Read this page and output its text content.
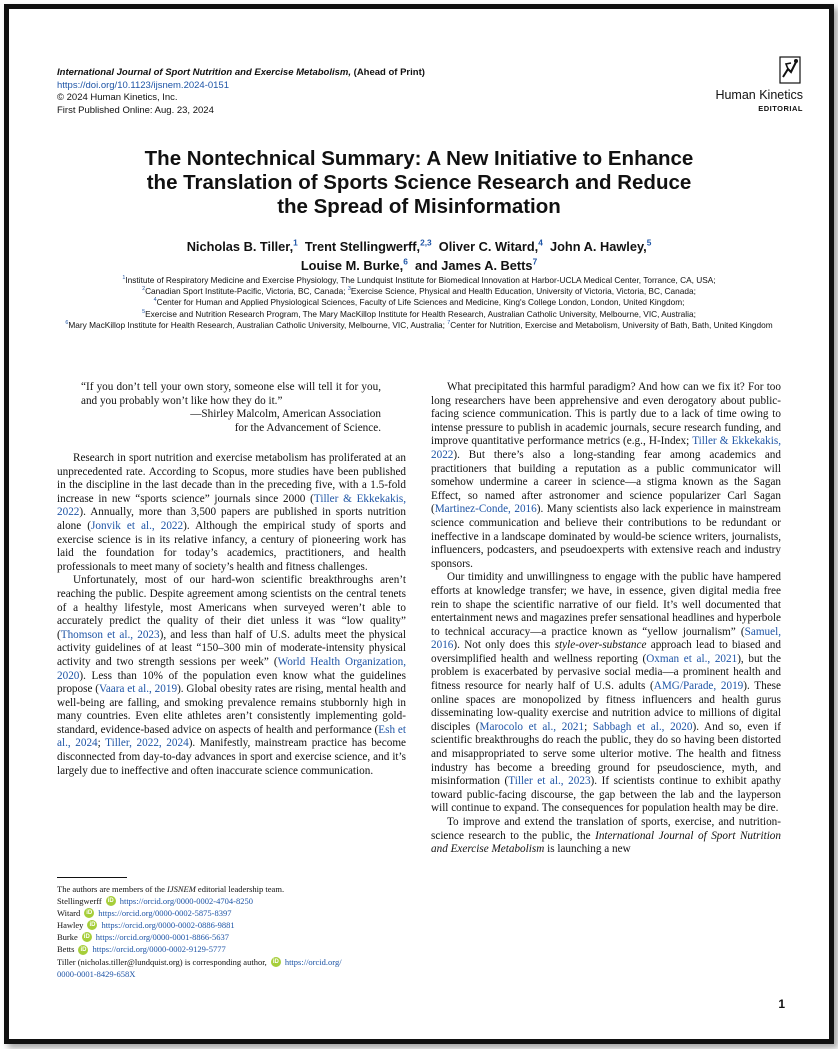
International Journal of Sport Nutrition and Exercise Metabolism, (Ahead of Print)
https://doi.org/10.1123/ijsnem.2024-0151
© 2024 Human Kinetics, Inc.
First Published Online: Aug. 23, 2024
Human Kinetics
EDITORIAL
The Nontechnical Summary: A New Initiative to Enhance
the Translation of Sports Science Research and Reduce
the Spread of Misinformation
Nicholas B. Tiller,$^1$ Trent Stellingwerff,$^{2,3}$ Oliver C. Witard,$^4$ John A. Hawley,$^5$
Louise M. Burke,$^6$ and James A. Betts$^7$
$^1$Institute of Respiratory Medicine and Exercise Physiology, The Lundquist Institute for Biomedical Innovation at Harbor-UCLA Medical Center, Torrance, CA, USA;
$^2$Canadian Sport Institute-Pacific, Victoria, BC, Canada; $^3$Exercise Science, Physical and Health Education, University of Victoria, Victoria, BC, Canada;
$^4$Center for Human and Applied Physiological Sciences, Faculty of Life Sciences and Medicine, King's College London, London, United Kingdom;
$^5$Exercise and Nutrition Research Program, The Mary MacKillop Institute for Health Research, Australian Catholic University, Melbourne, VIC, Australia;
$^6$Mary MacKillop Institute for Health Research, Australian Catholic University, Melbourne, VIC, Australia; $^7$Center for Nutrition, Exercise and Metabolism, University of Bath, Bath, United Kingdom
“If you don’t tell your own story, someone else will tell it for you, and you probably won’t like how they do it.”
—Shirley Malcolm, American Association
for the Advancement of Science.

Research in sport nutrition and exercise metabolism has proliferated at an unprecedented rate. According to Scopus, more studies have been published in the discipline in the last decade than in the preceding five, with a 1.5-fold increase in new “sports science” journals since 2000 (Tiller & Ekkekakis, 2022). Annually, more than 3,500 papers are published in sports nutrition alone (Jonvik et al., 2022). Although the empirical study of sports and exercise science is in its relative infancy, a century of pioneering work has laid the foundation for today’s academics, practitioners, and health professionals to meet many of society’s health and fitness challenges.

Unfortunately, most of our hard-won scientific breakthroughs aren’t reaching the public. Despite agreement among scientists on the central tenets of a healthy lifestyle, most Americans when surveyed weren’t able to accurately predict the quality of their diet unless it was “low quality” (Thomson et al., 2023), and less than half of U.S. adults meet the physical activity guidelines of at least “150–300 min of moderate-intensity physical activity and two strength sessions per week” (World Health Organization, 2020). Less than 10% of the population even know what the guidelines propose (Vaara et al., 2019). Global obesity rates are rising, mental health and well-being are falling, and smoking prevalence remains stubbornly high in many countries. Even elite athletes aren’t consistently implementing gold-standard, evidence-based advice on aspects of health and performance (Esh et al., 2024; Tiller, 2022, 2024). Manifestly, mainstream practice has become disconnected from day-to-day advances in sport and exercise science, and it’s largely due to ineffective and often inaccurate science communication.

The authors are members of the IJSNEM editorial leadership team.
Stellingwerff	iD https://orcid.org/0000-0002-4704-8250
Witard	iD https://orcid.org/0000-0002-5875-8397
Hawley	iD https://orcid.org/0000-0002-0886-9881
Burke	iD https://orcid.org/0000-0001-8866-5637
Betts	iD https://orcid.org/0000-0002-9129-5777
Tiller (nicholas.tiller@lundquist.org) is corresponding author,	iD https://orcid.org/
0000-0001-8429-658X

What precipitated this harmful paradigm? And how can we fix it? For too long researchers have been apprehensive and even derogatory about public-facing science communication. This is partly due to a lack of time owing to intense pressure to publish in academic journals, secure research funding, and improve quantitative performance metrics (e.g., H-Index; Tiller & Ekkekakis, 2022). But there’s also a long-standing fear among academics and practitioners that building a reputation as a public communicator will somehow undermine a career in science—a stigma known as the Sagan Effect, so named after astronomer and science popularizer Carl Sagan (Martinez-Conde, 2016). Many scientists also lack experience in mainstream science communication and believe their contributions to be redundant or ineffective in a landscape dominated by would-be science writers, journalists, influencers, podcasters, and pseudoexperts with extensive reach and industry sponsors.

Our timidity and unwillingness to engage with the public have hampered efforts at knowledge transfer; we have, in essence, given digital media free rein to shape the scientific narrative of our field. It’s well documented that entertainment news and magazines prefer sensational headlines and hyperbole to technical accuracy—a practice known as “yellow journalism” (Samuel, 2016). Not only does this style-over-substance approach lead to biased and oversimplified health and wellness reporting (Oxman et al., 2021), but the problem is exacerbated by pervasive social media—a prominent health and fitness resource for nearly half of U.S. adults (AMG/Parade, 2019). These online spaces are monopolized by fitness influencers and health gurus disseminating low-quality exercise and nutrition advice to millions of digital disciples (Marocolo et al., 2021; Sabbagh et al., 2020). And so, even if scientific breakthroughs do reach the public, they do so having been distorted and misappropriated to serve some ulterior motive. The health and fitness industry has become a breeding ground for pseudoscience, myth, and misinformation (Tiller et al., 2023). If scientists continue to exhibit apathy toward public-facing discourse, the gap between the lab and the layperson will continue to expand. The consequences for population health may be dire.

To improve and extend the translation of sports, exercise, and nutrition-science research to the public, the International Journal of Sport Nutrition and Exercise Metabolism is launching a new

1
